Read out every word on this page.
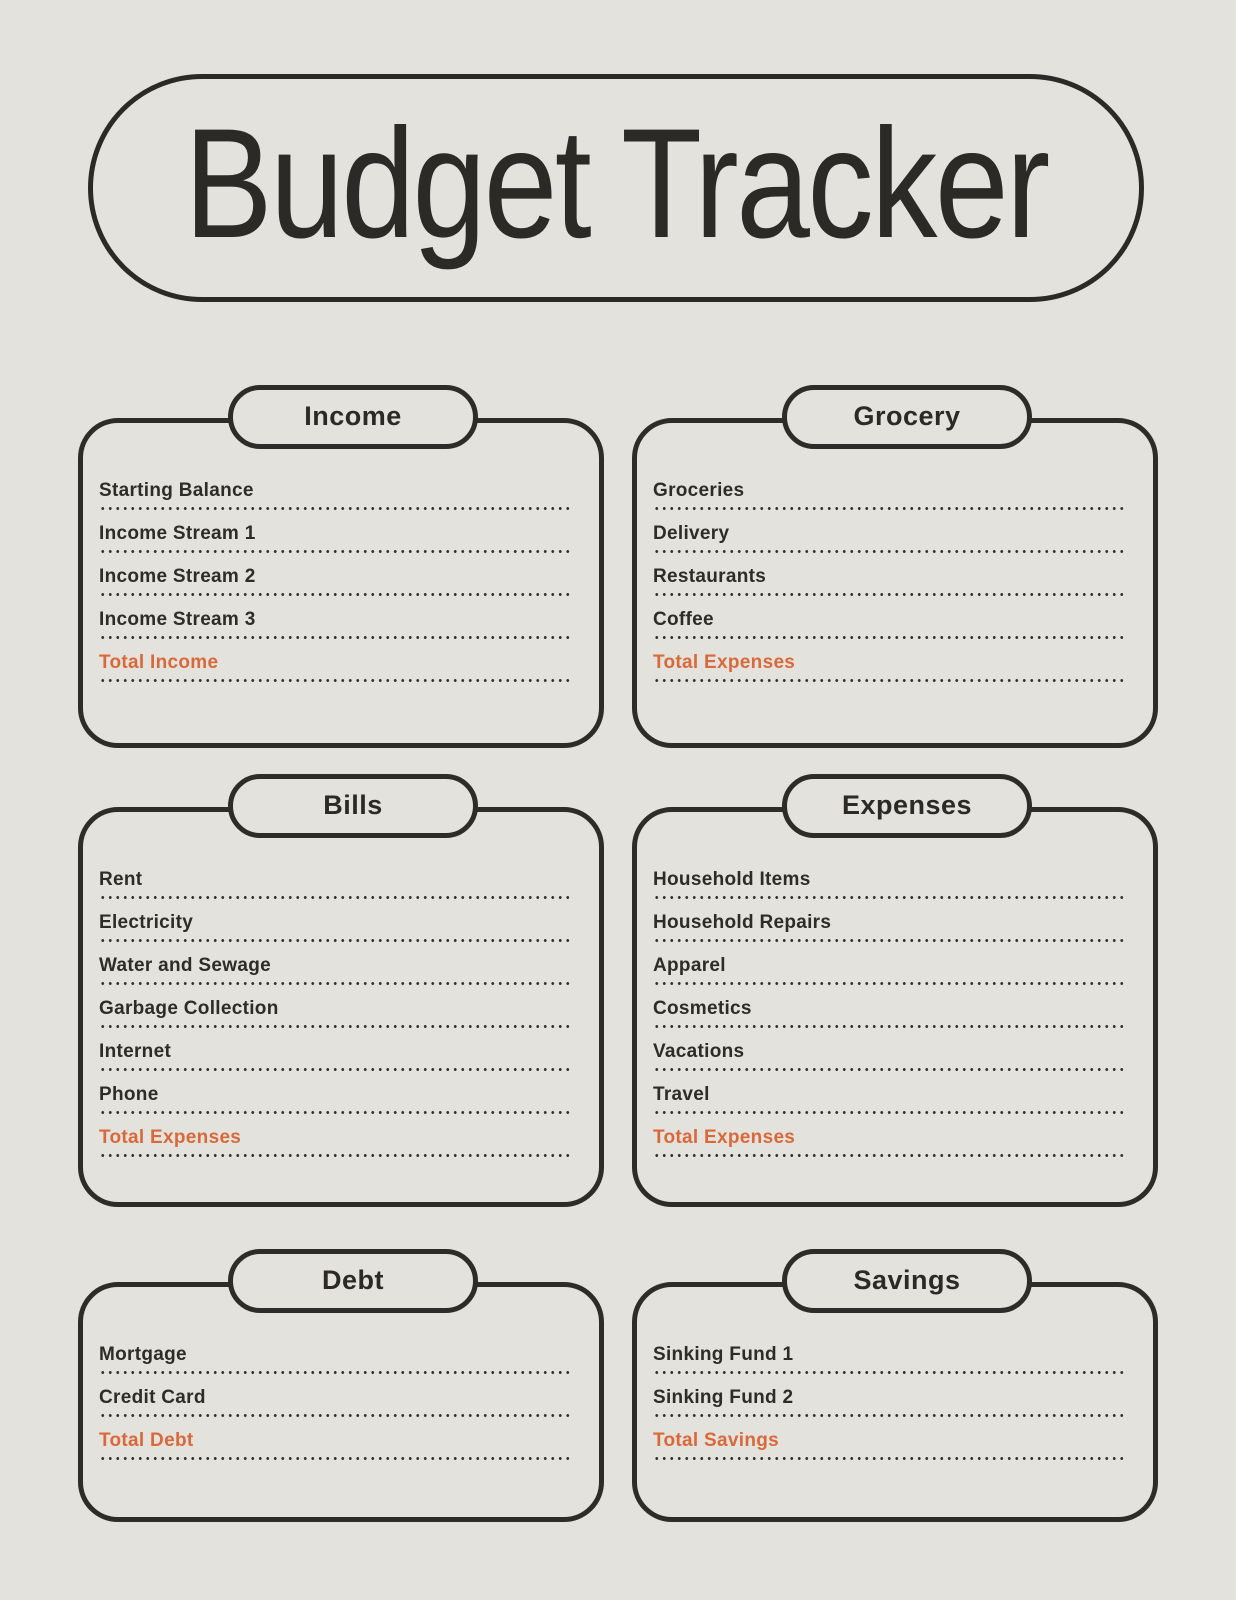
Budget Tracker
Income
Starting Balance
Income Stream 1
Income Stream 2
Income Stream 3
Total Income
Grocery
Groceries
Delivery
Restaurants
Coffee
Total Expenses
Bills
Rent
Electricity
Water and Sewage
Garbage Collection
Internet
Phone
Total Expenses
Expenses
Household Items
Household Repairs
Apparel
Cosmetics
Vacations
Travel
Total Expenses
Debt
Mortgage
Credit Card
Total Debt
Savings
Sinking Fund 1
Sinking Fund 2
Total Savings
